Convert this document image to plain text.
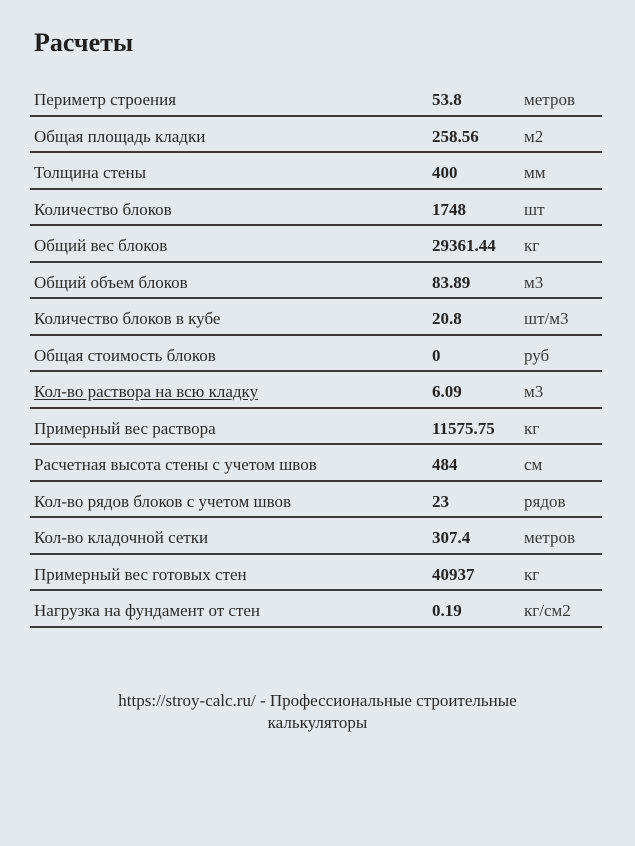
Расчеты
Периметр строения	53.8	метров
Общая площадь кладки	258.56	м2
Толщина стены	400	мм
Количество блоков	1748	шт
Общий вес блоков	29361.44 кг
Общий объем блоков	83.89	м3
Количество блоков в кубе	20.8	шт/м3
Общая стоимость блоков	0	руб
Кол-во раствора на всю кладку	6.09	м3
Примерный вес раствора	11575.75 кг
Расчетная высота стены с учетом швов	484	см
Кол-во рядов блоков с учетом швов	23	рядов
Кол-во кладочной сетки	307.4	метров
Примерный вес готовых стен	40937	кг
Нагрузка на фундамент от стен	0.19	кг/см2
https://stroy-calc.ru/ - Профессиональные строительные
калькуляторы
